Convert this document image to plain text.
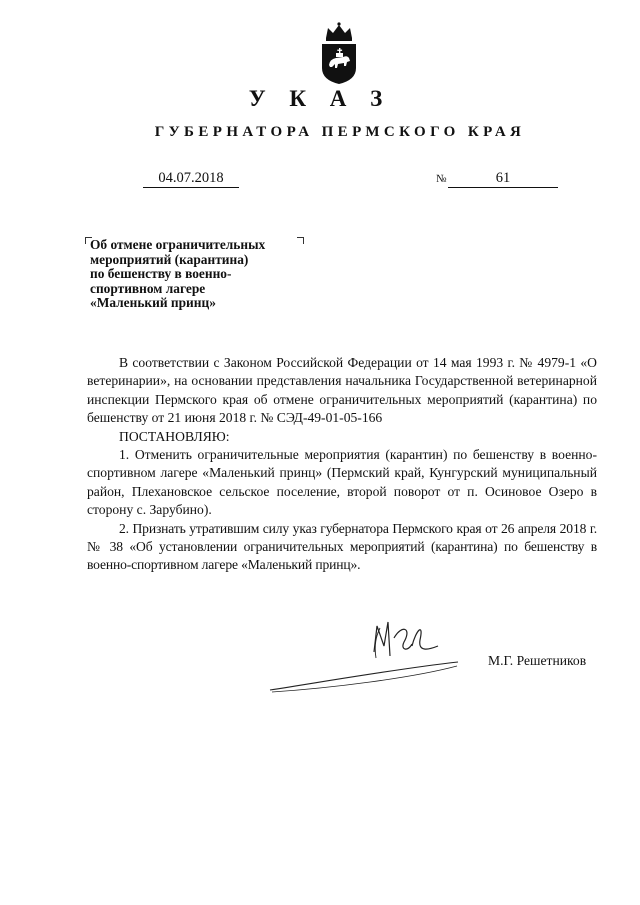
У К А З
ГУБЕРНАТОРА ПЕРМСКОГО КРАЯ
04.07.2018	№	61
Об отмене ограничительных
мероприятий (карантина)
по бешенству в военно-
спортивном лагере
«Маленький принц»

В соответствии с Законом Российской Федерации от 14 мая 1993 г. № 4979-1 «О ветеринарии», на основании представления начальника Государственной ветеринарной инспекции Пермского края об отмене ограничительных мероприятий (карантина) по бешенству от 21 июня 2018 г. № СЭД-49-01-05-166

ПОСТАНОВЛЯЮ:

1. Отменить ограничительные мероприятия (карантин) по бешенству в военно-спортивном лагере «Маленький принц» (Пермский край, Кунгурский муниципальный район, Плехановское сельское поселение, второй поворот от п. Осиновое Озеро в сторону с. Зарубино).

2. Признать утратившим силу указ губернатора Пермского края от 26 апреля 2018 г. № 38 «Об установлении ограничительных мероприятий (карантина) по бешенству в военно-спортивном лагере «Маленький принц».

М.Г. Решетников
